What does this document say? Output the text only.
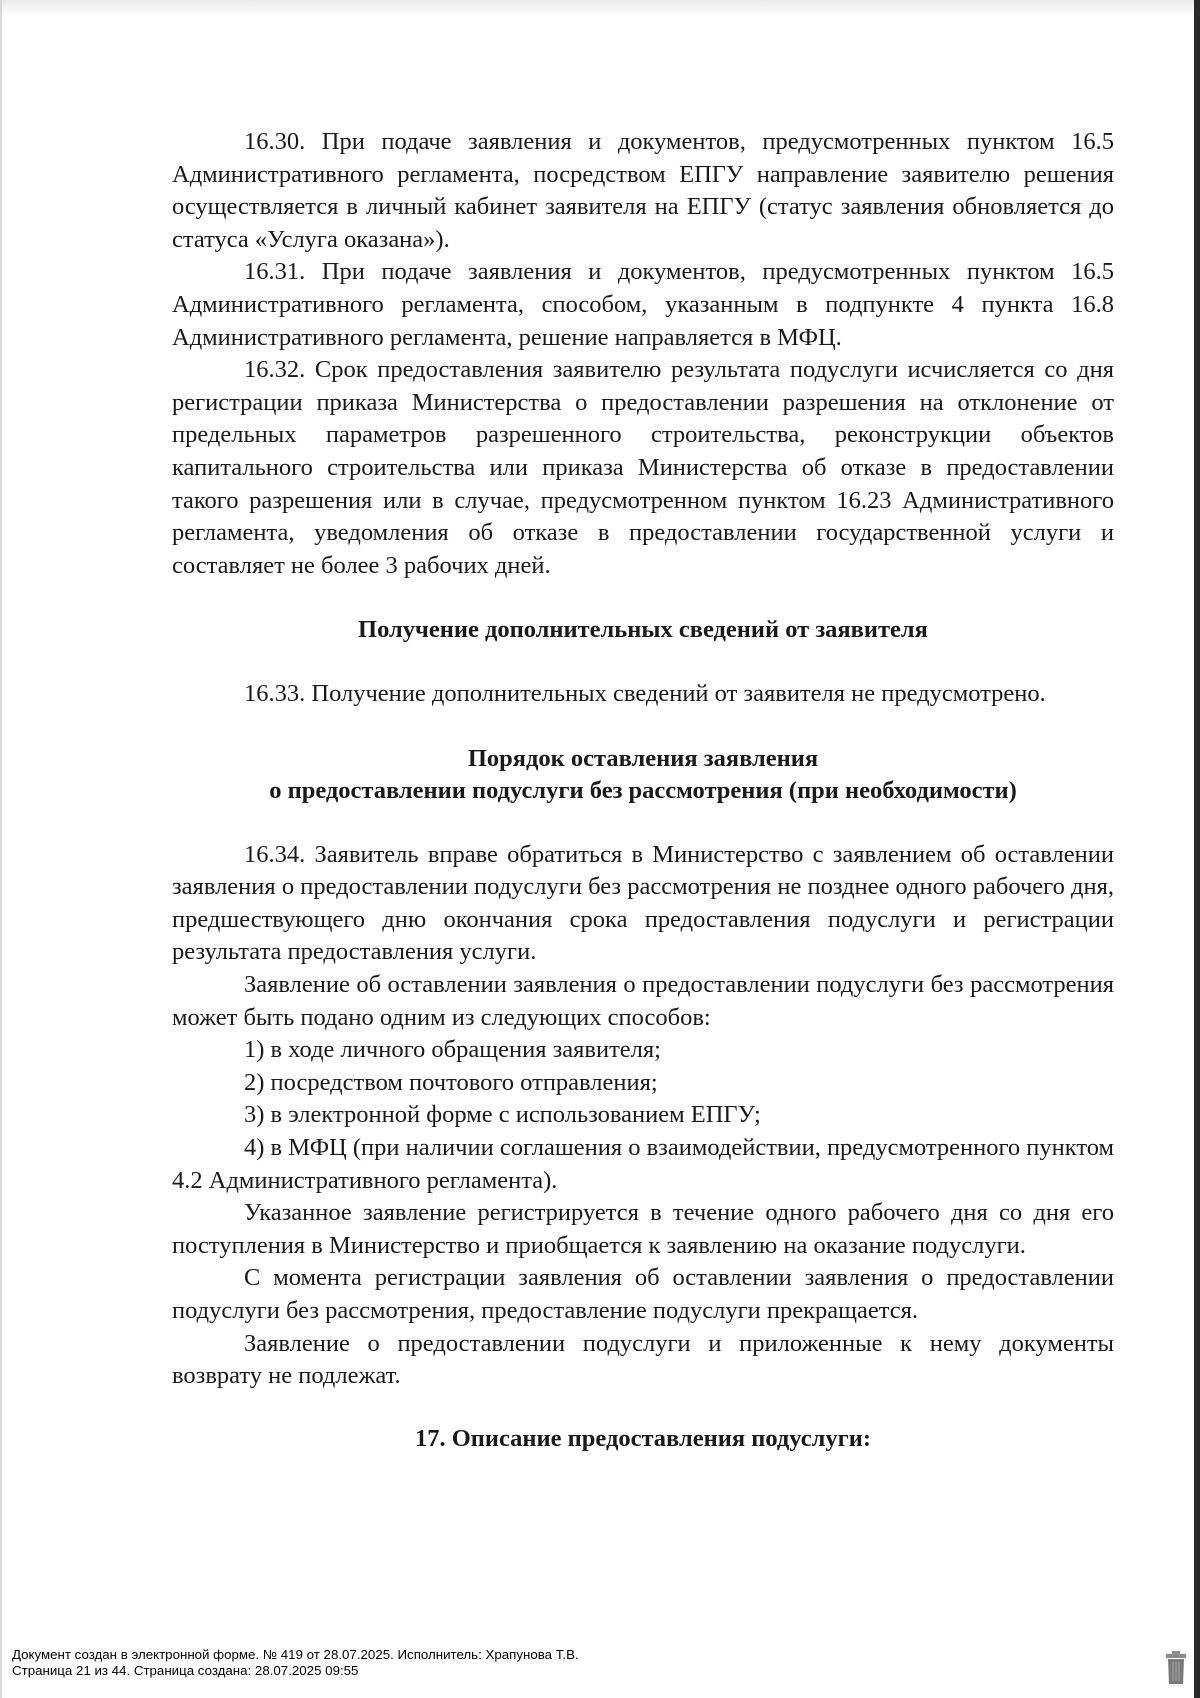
16.30. При подаче заявления и документов, предусмотренных пунктом 16.5 Административного регламента, посредством ЕПГУ направление заявителю решения осуществляется в личный кабинет заявителя на ЕПГУ (статус заявления обновляется до статуса «Услуга оказана»).

16.31. При подаче заявления и документов, предусмотренных пунктом 16.5 Административного регламента, способом, указанным в подпункте 4 пункта 16.8 Административного регламента, решение направляется в МФЦ.

16.32. Срок предоставления заявителю результата подуслуги исчисляется со дня регистрации приказа Министерства о предоставлении разрешения на отклонение от предельных параметров разрешенного строительства, реконструкции объектов капитального строительства или приказа Министерства об отказе в предоставлении такого разрешения или в случае, предусмотренном пунктом 16.23 Административного регламента, уведомления об отказе в предоставлении государственной услуги и составляет не более 3 рабочих дней.

Получение дополнительных сведений от заявителя

16.33. Получение дополнительных сведений от заявителя не предусмотрено.

Порядок оставления заявления
о предоставлении подуслуги без рассмотрения (при необходимости)

16.34. Заявитель вправе обратиться в Министерство с заявлением об оставлении заявления о предоставлении подуслуги без рассмотрения не позднее одного рабочего дня, предшествующего дню окончания срока предоставления подуслуги и регистрации результата предоставления услуги.

Заявление об оставлении заявления о предоставлении подуслуги без рассмотрения может быть подано одним из следующих способов:

1) в ходе личного обращения заявителя;

2) посредством почтового отправления;

3) в электронной форме с использованием ЕПГУ;

4) в МФЦ (при наличии соглашения о взаимодействии, предусмотренного пунктом 4.2 Административного регламента).

Указанное заявление регистрируется в течение одного рабочего дня со дня его поступления в Министерство и приобщается к заявлению на оказание подуслуги.

С момента регистрации заявления об оставлении заявления о предоставлении подуслуги без рассмотрения, предоставление подуслуги прекращается.

Заявление о предоставлении подуслуги и приложенные к нему документы возврату не подлежат.

17. Описание предоставления подуслуги:
Документ создан в электронной форме. № 419 от 28.07.2025. Исполнитель: Храпунова Т.В.
Страница 21 из 44. Страница создана: 28.07.2025 09:55
